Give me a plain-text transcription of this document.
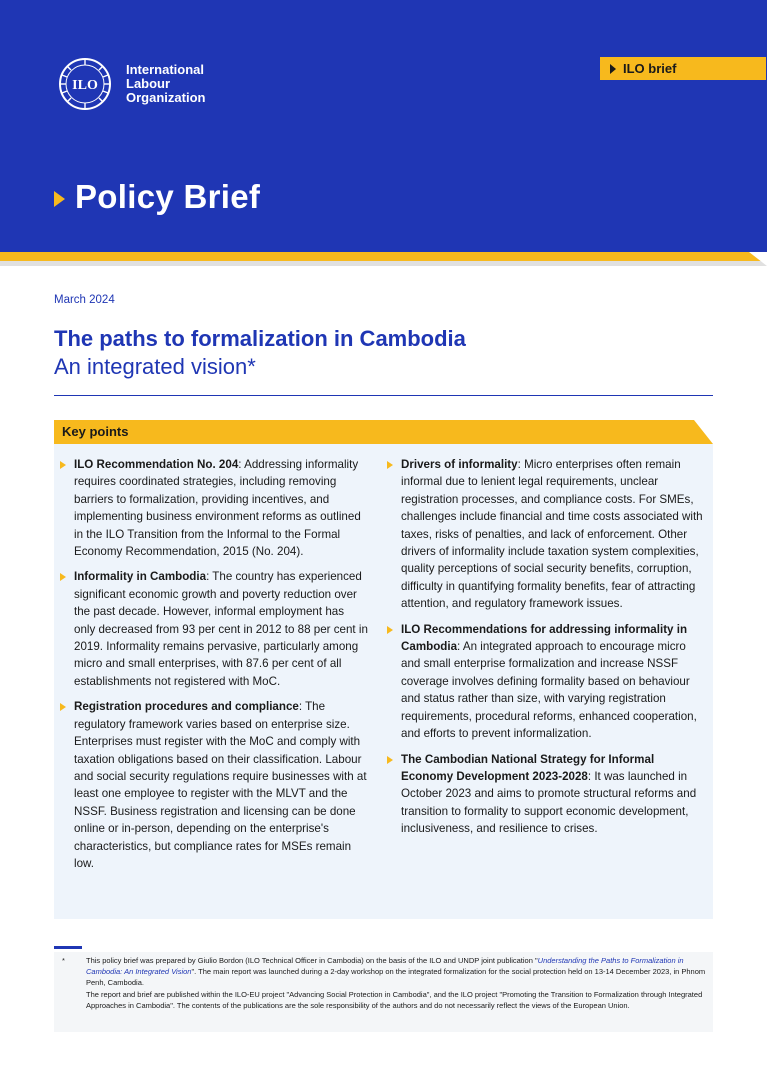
ILO
International
Labour
Organization
ILO brief
Policy Brief
March 2024
The paths to formalization in Cambodia
An integrated vision*
Key points
ILO Recommendation No. 204: Addressing informality requires coordinated strategies, including removing barriers to formalization, providing incentives, and implementing business environment reforms as outlined in the ILO Transition from the Informal to the Formal Economy Recommendation, 2015 (No. 204).
Informality in Cambodia: The country has experienced significant economic growth and poverty reduction over the past decade. However, informal employment has only decreased from 93 per cent in 2012 to 88 per cent in 2019. Informality remains pervasive, particularly among micro and small enterprises, with 87.6 per cent of all establishments not registered with MoC.
Registration procedures and compliance: The regulatory framework varies based on enterprise size. Enterprises must register with the MoC and comply with taxation obligations based on their classification. Labour and social security regulations require businesses with at least one employee to register with the MLVT and the NSSF. Business registration and licensing can be done online or in-person, depending on the enterprise's characteristics, but compliance rates for MSEs remain low.
Drivers of informality: Micro enterprises often remain informal due to lenient legal requirements, unclear registration processes, and compliance costs. For SMEs, challenges include financial and time costs associated with taxes, risks of penalties, and lack of enforcement. Other drivers of informality include taxation system complexities, quality perceptions of social security benefits, corruption, difficulty in quantifying formality benefits, fear of attracting attention, and regulatory framework issues.
ILO Recommendations for addressing informality in Cambodia: An integrated approach to encourage micro and small enterprise formalization and increase NSSF coverage involves defining formality based on behaviour and status rather than size, with varying registration requirements, procedural reforms, enhanced cooperation, and efforts to prevent informalization.
The Cambodian National Strategy for Informal Economy Development 2023-2028: It was launched in October 2023 and aims to promote structural reforms and transition to formality to support economic development, inclusiveness, and resilience to crises.
*	This policy brief was prepared by Giulio Bordon (ILO Technical Officer in Cambodia) on the basis of the ILO and UNDP joint publication "Understanding the Paths to Formalization in Cambodia: An Integrated Vision". The main report was launched during a 2-day workshop on the integrated formalization for the social protection held on 13-14 December 2023, in Phnom Penh, Cambodia.

The report and brief are published within the ILO-EU project "Advancing Social Protection in Cambodia", and the ILO project "Promoting the Transition to Formalization through Integrated Approaches in Cambodia". The contents of the publications are the sole responsibility of the authors and do not necessarily reflect the views of the European Union.
